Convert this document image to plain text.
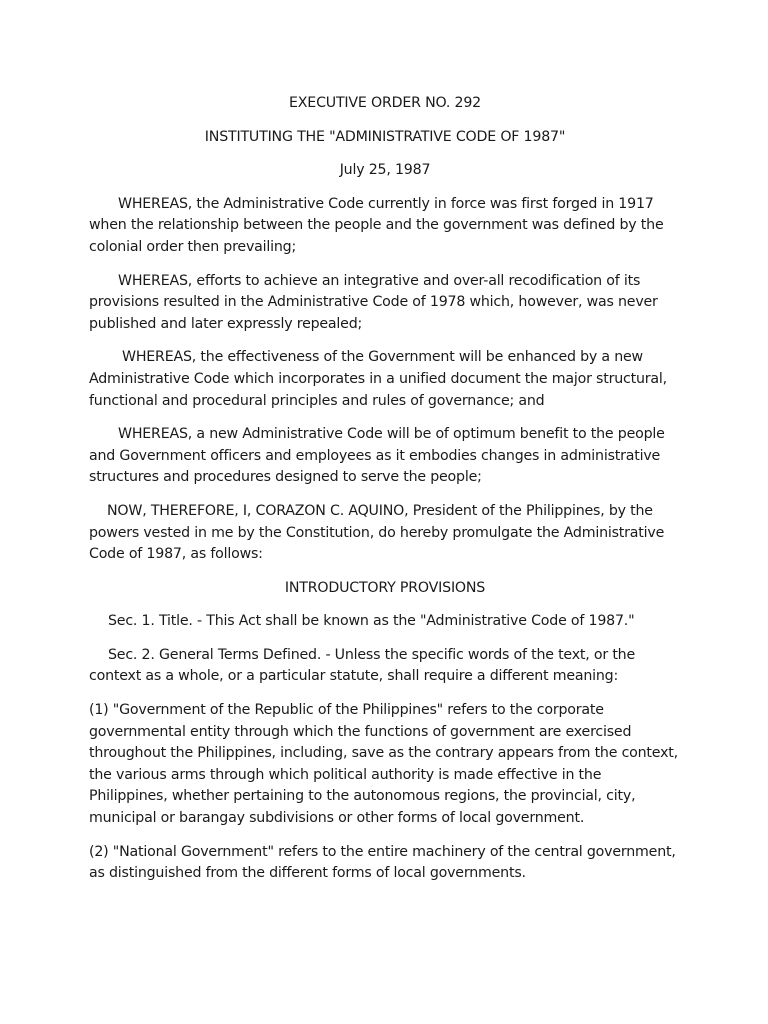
EXECUTIVE ORDER NO. 292

INSTITUTING THE "ADMINISTRATIVE CODE OF 1987"

July 25, 1987

WHEREAS, the Administrative Code currently in force was first forged in 1917 when the relationship between the people and the government was defined by the colonial order then prevailing;

WHEREAS, efforts to achieve an integrative and over-all recodification of its provisions resulted in the Administrative Code of 1978 which, however, was never published and later expressly repealed;

WHEREAS, the effectiveness of the Government will be enhanced by a new Administrative Code which incorporates in a unified document the major structural, functional and procedural principles and rules of governance; and

WHEREAS, a new Administrative Code will be of optimum benefit to the people and Government officers and employees as it embodies changes in administrative structures and procedures designed to serve the people;

NOW, THEREFORE, I, CORAZON C. AQUINO, President of the Philippines, by the powers vested in me by the Constitution, do hereby promulgate the Administrative Code of 1987, as follows:

INTRODUCTORY PROVISIONS

Sec. 1. Title. - This Act shall be known as the "Administrative Code of 1987."

Sec. 2. General Terms Defined. - Unless the specific words of the text, or the context as a whole, or a particular statute, shall require a different meaning:

(1) "Government of the Republic of the Philippines" refers to the corporate governmental entity through which the functions of government are exercised throughout the Philippines, including, save as the contrary appears from the context, the various arms through which political authority is made effective in the Philippines, whether pertaining to the autonomous regions, the provincial, city, municipal or barangay subdivisions or other forms of local government.

(2) "National Government" refers to the entire machinery of the central government, as distinguished from the different forms of local governments.
